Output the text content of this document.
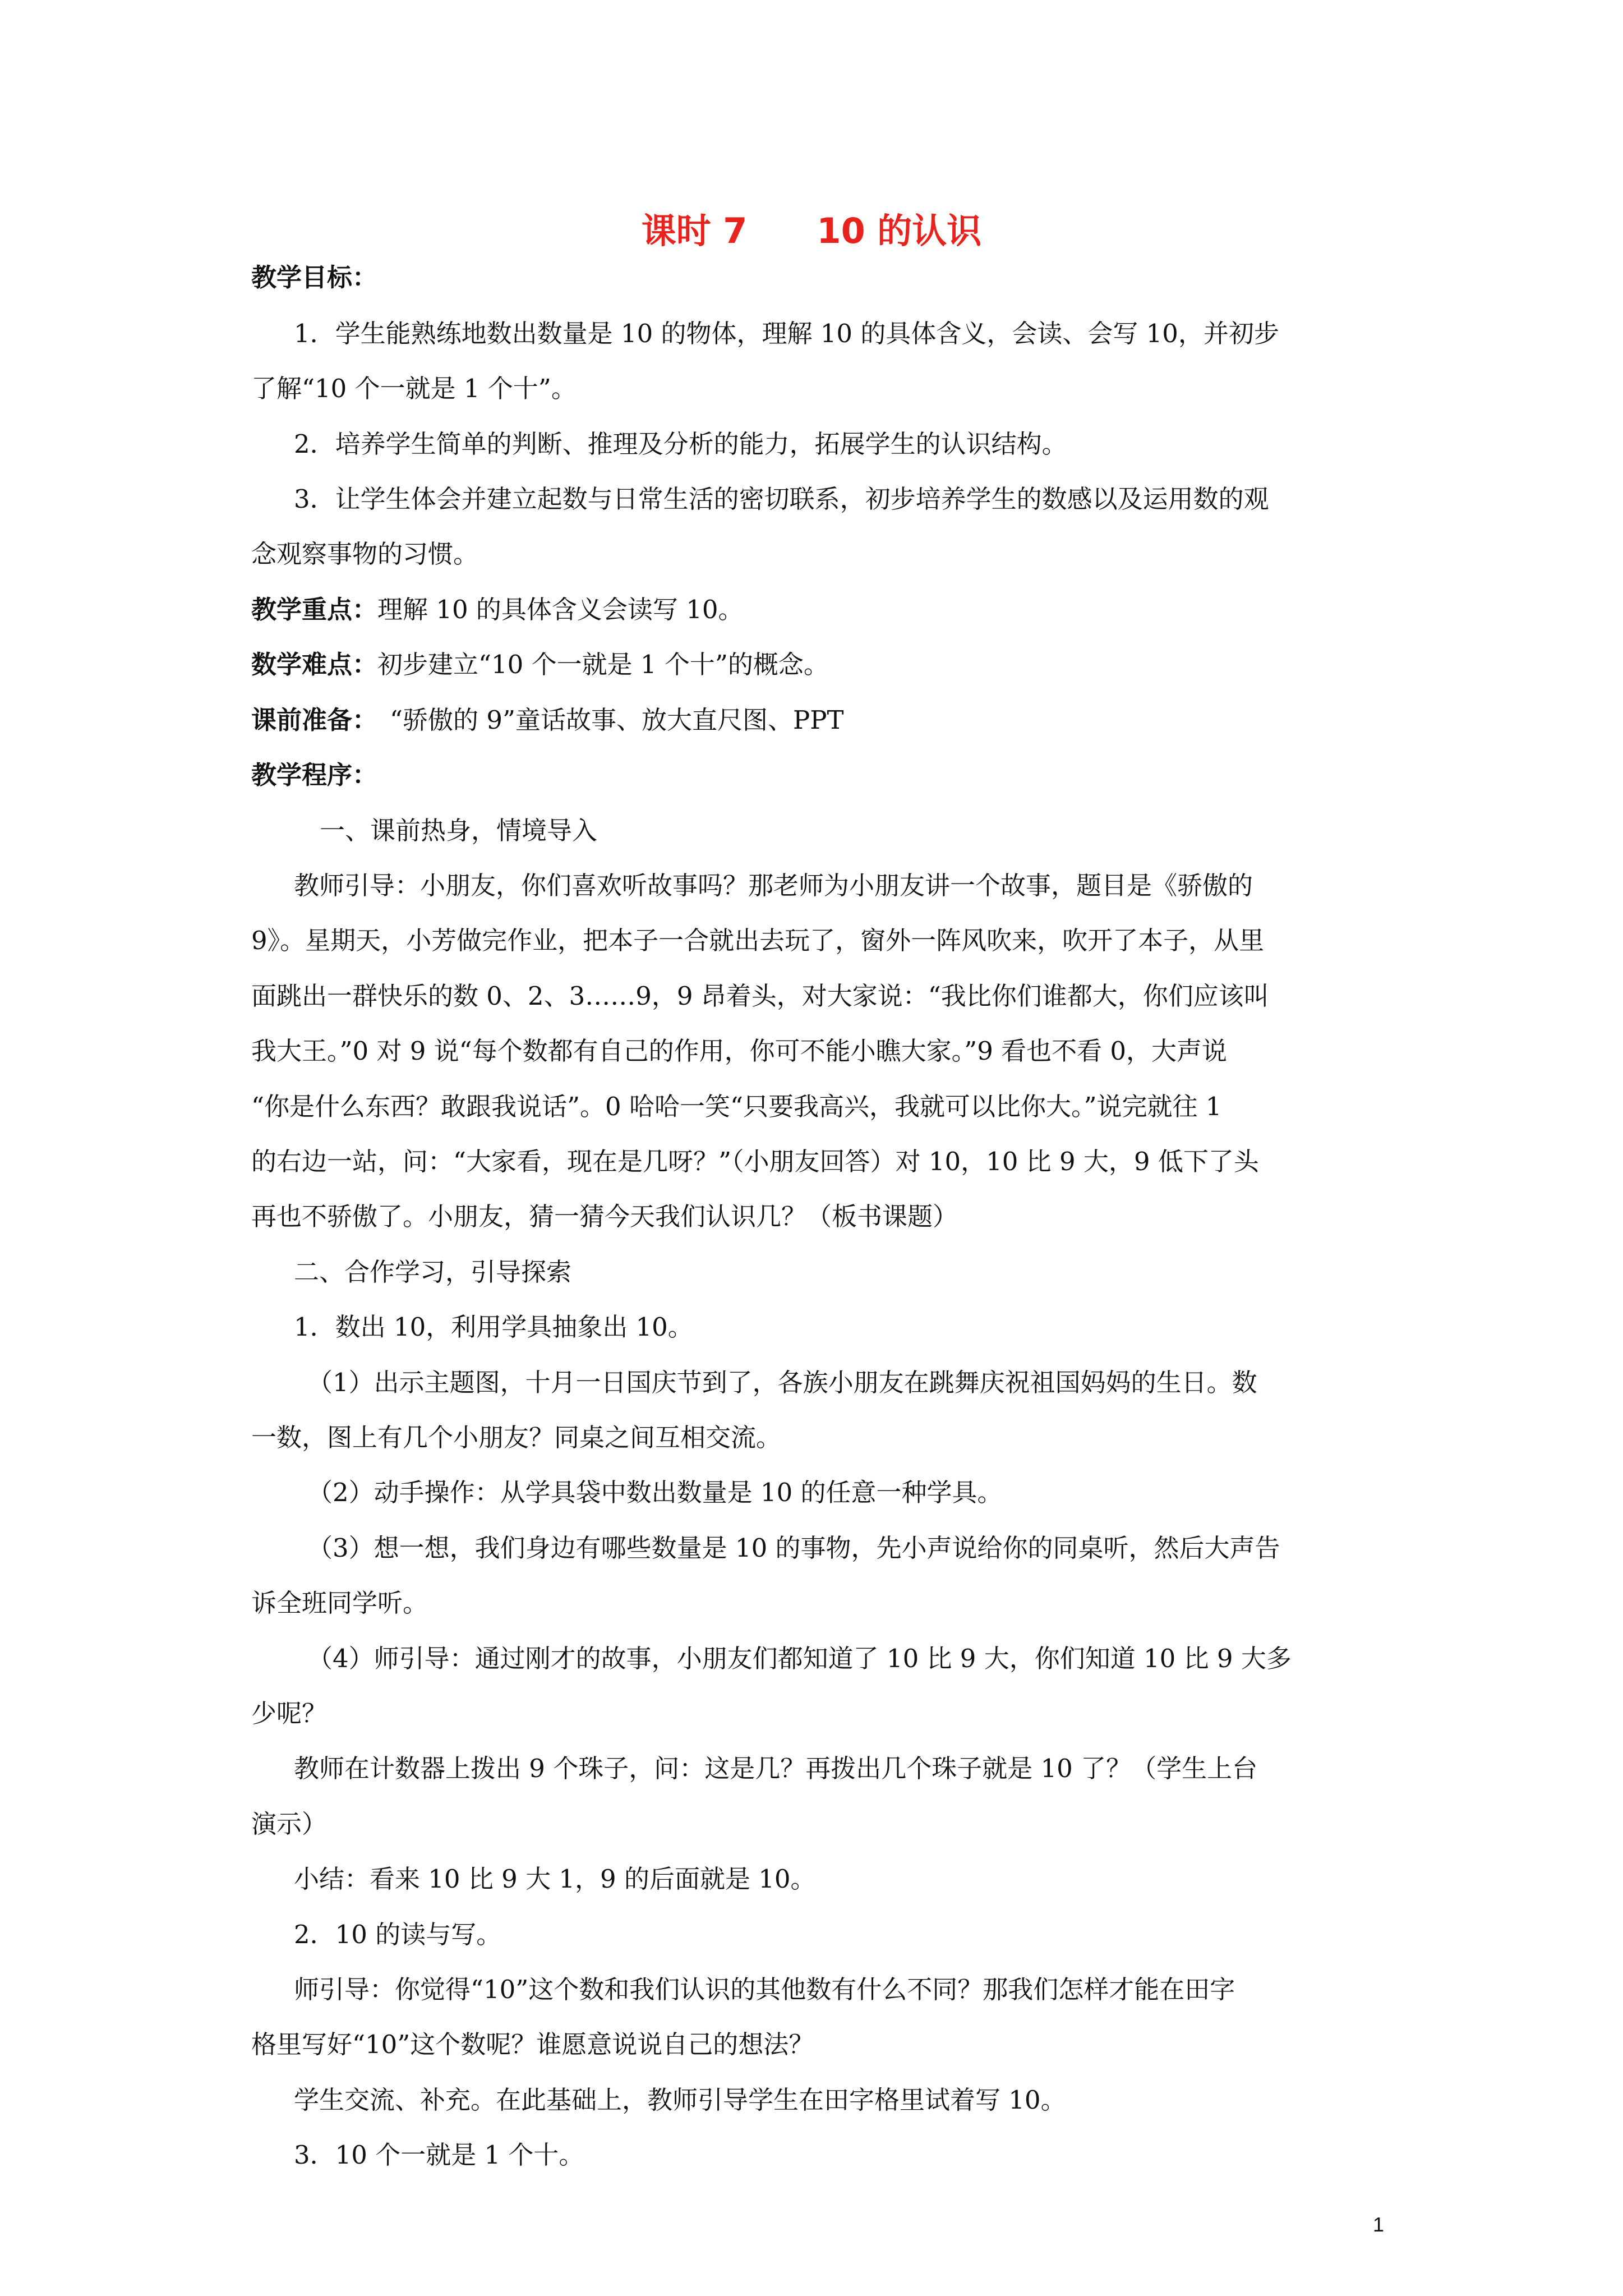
课时 7　　10 的认识
教学目标：
1．学生能熟练地数出数量是 10 的物体，理解 10 的具体含义，会读、会写 10，并初步
了解“10 个一就是 1 个十”。
2．培养学生简单的判断、推理及分析的能力，拓展学生的认识结构。
3．让学生体会并建立起数与日常生活的密切联系，初步培养学生的数感以及运用数的观
念观察事物的习惯。
教学重点：理解 10 的具体含义会读写 10。
数学难点：初步建立“10 个一就是 1 个十”的概念。
课前准备： “骄傲的 9”童话故事、放大直尺图、PPT
教学程序：
一、课前热身，情境导入
教师引导：小朋友，你们喜欢听故事吗？那老师为小朋友讲一个故事，题目是《骄傲的
9》。星期天，小芳做完作业，把本子一合就出去玩了，窗外一阵风吹来，吹开了本子，从里
面跳出一群快乐的数 0、2、3……9，9 昂着头，对大家说：“我比你们谁都大，你们应该叫
我大王。”0 对 9 说“每个数都有自己的作用，你可不能小瞧大家。”9 看也不看 0，大声说
“你是什么东西？敢跟我说话”。0 哈哈一笑“只要我高兴，我就可以比你大。”说完就往 1
的右边一站，问：“大家看，现在是几呀？”（小朋友回答）对 10，10 比 9 大，9 低下了头
再也不骄傲了。小朋友，猜一猜今天我们认识几？（板书课题）
二、合作学习，引导探索
1．数出 10，利用学具抽象出 10。
（1）出示主题图，十月一日国庆节到了，各族小朋友在跳舞庆祝祖国妈妈的生日。数
一数，图上有几个小朋友？同桌之间互相交流。
（2）动手操作：从学具袋中数出数量是 10 的任意一种学具。
（3）想一想，我们身边有哪些数量是 10 的事物，先小声说给你的同桌听，然后大声告
诉全班同学听。
（4）师引导：通过刚才的故事，小朋友们都知道了 10 比 9 大，你们知道 10 比 9 大多
少呢？
教师在计数器上拨出 9 个珠子，问：这是几？再拨出几个珠子就是 10 了？（学生上台
演示）
小结：看来 10 比 9 大 1，9 的后面就是 10。
2．10 的读与写。
师引导：你觉得“10”这个数和我们认识的其他数有什么不同？那我们怎样才能在田字
格里写好“10”这个数呢？谁愿意说说自己的想法？
学生交流、补充。在此基础上，教师引导学生在田字格里试着写 10。
3．10 个一就是 1 个十。
1
